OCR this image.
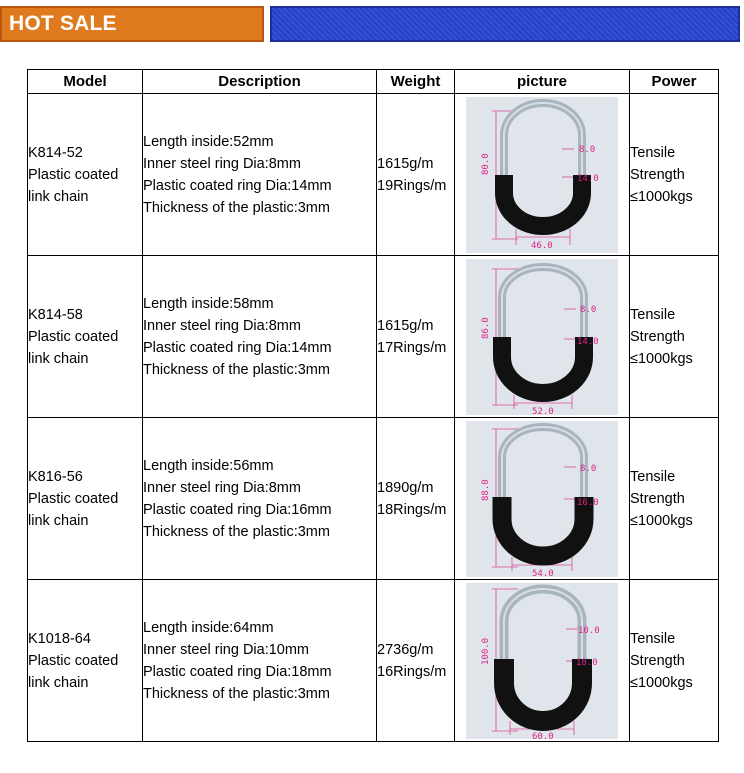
HOT SALE SPECIFICATION
Model	Description	Weight	picture	Power

K814-52
Plastic coated
link chain	Length inside:52mm
Inner steel ring Dia:8mm
Plastic coated ring Dia:14mm
Thickness of the plastic:3mm	1615g/m
19Rings/m	80.0
8.0
14.0
46.0	Tensile
Strength
≤1000kgs

K814-58
Plastic coated
link chain	Length inside:58mm
Inner steel ring Dia:8mm
Plastic coated ring Dia:14mm
Thickness of the plastic:3mm	1615g/m
17Rings/m	86.0
8.0
14.0
52.0	Tensile
Strength
≤1000kgs

K816-56
Plastic coated
link chain	Length inside:56mm
Inner steel ring Dia:8mm
Plastic coated ring Dia:16mm
Thickness of the plastic:3mm	1890g/m
18Rings/m	88.0
8.0
16.0
54.0	Tensile
Strength
≤1000kgs

K1018-64
Plastic coated
link chain	Length inside:64mm
Inner steel ring Dia:10mm
Plastic coated ring Dia:18mm
Thickness of the plastic:3mm	2736g/m
16Rings/m	100.0
10.0
18.0
60.0	Tensile
Strength
≤1000kgs
